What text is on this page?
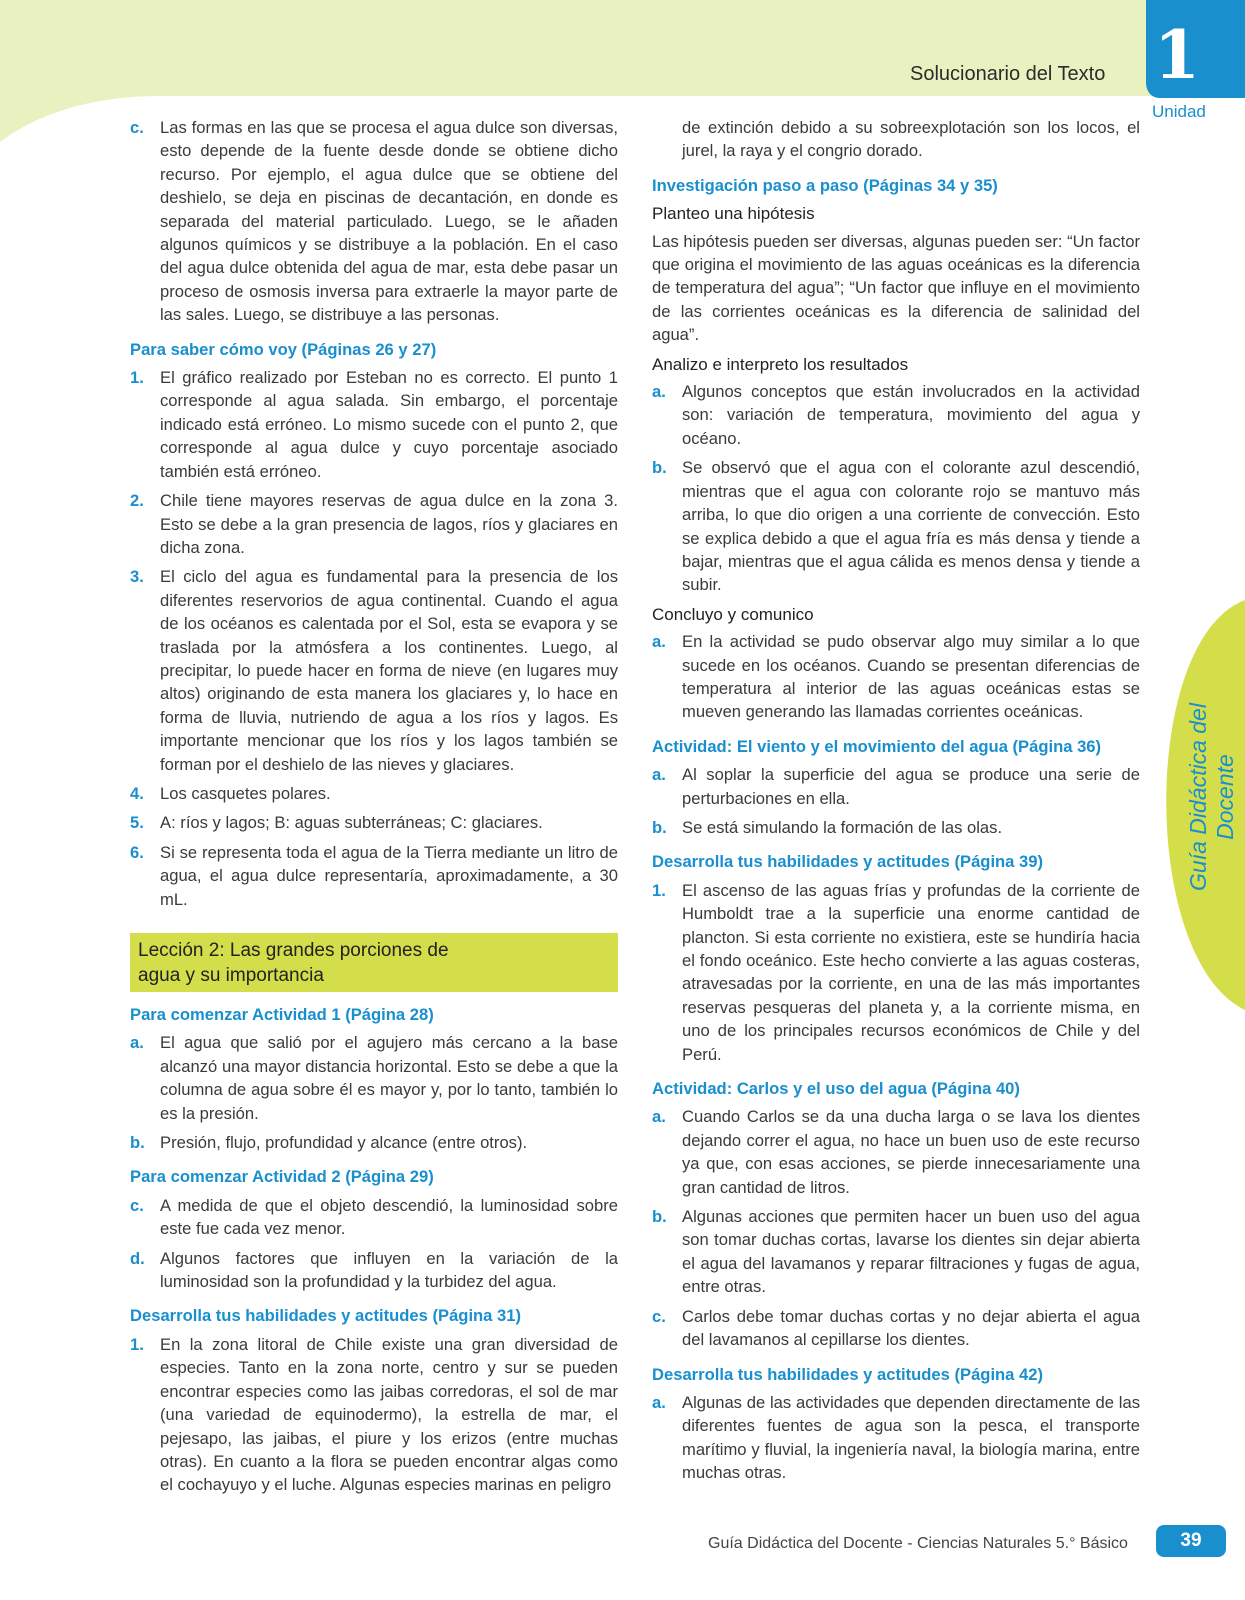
Solucionario del Texto 1
Unidad
Guía Didáctica del Docente
c. Las formas en las que se procesa el agua dulce son diversas, esto depende de la fuente desde donde se obtiene dicho recurso. Por ejemplo, el agua dulce que se obtiene del deshielo, se deja en piscinas de decantación, en donde es separada del material particulado. Luego, se le añaden algunos químicos y se distribuye a la población. En el caso del agua dulce obtenida del agua de mar, esta debe pasar un proceso de osmosis inversa para extraerle la mayor parte de las sales. Luego, se distribuye a las personas.
Para saber cómo voy (Páginas 26 y 27)
1. El gráfico realizado por Esteban no es correcto. El punto 1 corresponde al agua salada. Sin embargo, el porcentaje indicado está erróneo. Lo mismo sucede con el punto 2, que corresponde al agua dulce y cuyo porcentaje asociado también está erróneo.
2. Chile tiene mayores reservas de agua dulce en la zona 3. Esto se debe a la gran presencia de lagos, ríos y glaciares en dicha zona.
3. El ciclo del agua es fundamental para la presencia de los diferentes reservorios de agua continental. Cuando el agua de los océanos es calentada por el Sol, esta se evapora y se traslada por la atmósfera a los continentes. Luego, al precipitar, lo puede hacer en forma de nieve (en lugares muy altos) originando de esta manera los glaciares y, lo hace en forma de lluvia, nutriendo de agua a los ríos y lagos. Es importante mencionar que los ríos y los lagos también se forman por el deshielo de las nieves y glaciares.
4. Los casquetes polares.
5. A: ríos y lagos; B: aguas subterráneas; C: glaciares.
6. Si se representa toda el agua de la Tierra mediante un litro de agua, el agua dulce representaría, aproximadamente, a 30 mL.
Lección 2: Las grandes porciones de
agua y su importancia
Para comenzar Actividad 1 (Página 28)
a. El agua que salió por el agujero más cercano a la base alcanzó una mayor distancia horizontal. Esto se debe a que la columna de agua sobre él es mayor y, por lo tanto, también lo es la presión.
b. Presión, flujo, profundidad y alcance (entre otros).
Para comenzar Actividad 2 (Página 29)
c. A medida de que el objeto descendió, la luminosidad sobre este fue cada vez menor.
d. Algunos factores que influyen en la variación de la luminosidad son la profundidad y la turbidez del agua.
Desarrolla tus habilidades y actitudes (Página 31)
1. En la zona litoral de Chile existe una gran diversidad de especies. Tanto en la zona norte, centro y sur se pueden encontrar especies como las jaibas corredoras, el sol de mar (una variedad de equinodermo), la estrella de mar, el pejesapo, las jaibas, el piure y los erizos (entre muchas otras). En cuanto a la flora se pueden encontrar algas como el cochayuyo y el luche. Algunas especies marinas en peligro
de extinción debido a su sobreexplotación son los locos, el jurel, la raya y el congrio dorado.
Investigación paso a paso (Páginas 34 y 35)
Planteo una hipótesis
Las hipótesis pueden ser diversas, algunas pueden ser: “Un factor que origina el movimiento de las aguas oceánicas es la diferencia de temperatura del agua”; “Un factor que influye en el movimiento de las corrientes oceánicas es la diferencia de salinidad del agua”.
Analizo e interpreto los resultados
a. Algunos conceptos que están involucrados en la actividad son: variación de temperatura, movimiento del agua y océano.
b. Se observó que el agua con el colorante azul descendió, mientras que el agua con colorante rojo se mantuvo más arriba, lo que dio origen a una corriente de convección. Esto se explica debido a que el agua fría es más densa y tiende a bajar, mientras que el agua cálida es menos densa y tiende a subir.
Concluyo y comunico
a. En la actividad se pudo observar algo muy similar a lo que sucede en los océanos. Cuando se presentan diferencias de temperatura al interior de las aguas oceánicas estas se mueven generando las llamadas corrientes oceánicas.
Actividad: El viento y el movimiento del agua (Página 36)
a. Al soplar la superficie del agua se produce una serie de perturbaciones en ella.
b. Se está simulando la formación de las olas.
Desarrolla tus habilidades y actitudes (Página 39)
1. El ascenso de las aguas frías y profundas de la corriente de Humboldt trae a la superficie una enorme cantidad de plancton. Si esta corriente no existiera, este se hundiría hacia el fondo oceánico. Este hecho convierte a las aguas costeras, atravesadas por la corriente, en una de las más importantes reservas pesqueras del planeta y, a la corriente misma, en uno de los principales recursos económicos de Chile y del Perú.
Actividad: Carlos y el uso del agua (Página 40)
a. Cuando Carlos se da una ducha larga o se lava los dientes dejando correr el agua, no hace un buen uso de este recurso ya que, con esas acciones, se pierde innecesariamente una gran cantidad de litros.
b. Algunas acciones que permiten hacer un buen uso del agua son tomar duchas cortas, lavarse los dientes sin dejar abierta el agua del lavamanos y reparar filtraciones y fugas de agua, entre otras.
c. Carlos debe tomar duchas cortas y no dejar abierta el agua del lavamanos al cepillarse los dientes.
Desarrolla tus habilidades y actitudes (Página 42)
a. Algunas de las actividades que dependen directamente de las diferentes fuentes de agua son la pesca, el transporte marítimo y fluvial, la ingeniería naval, la biología marina, entre muchas otras.
Guía Didáctica del Docente - Ciencias Naturales 5.° Básico	39
